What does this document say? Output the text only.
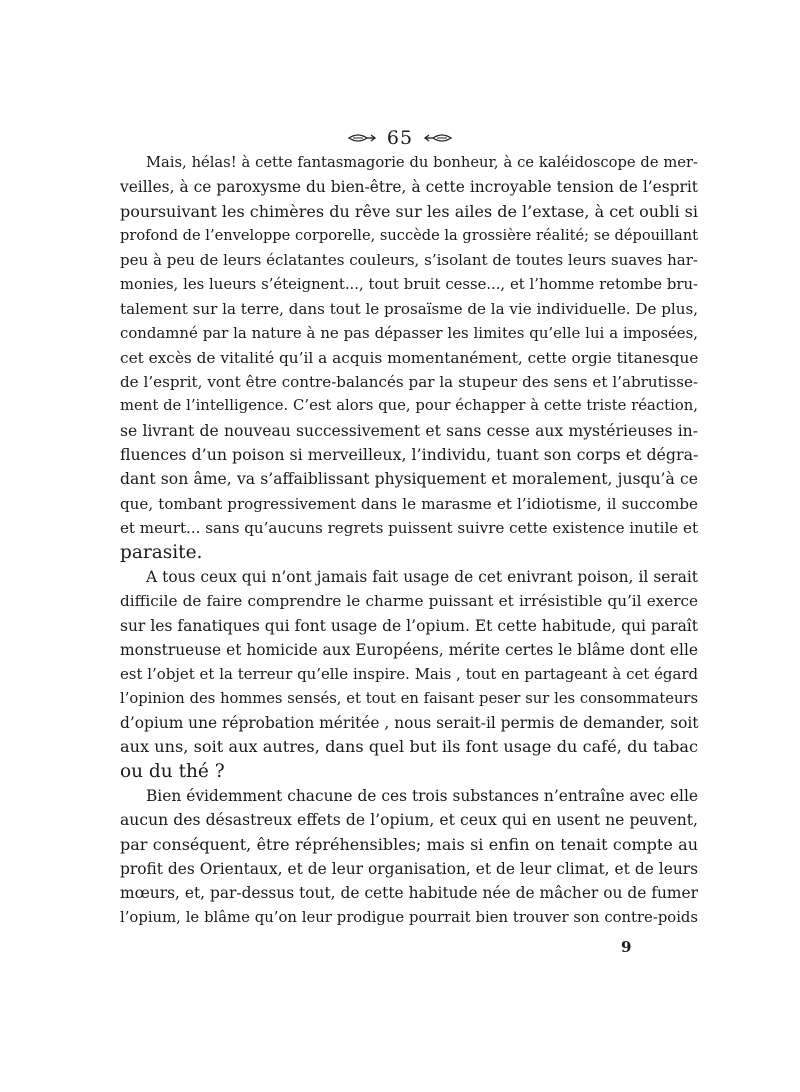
65
Mais, hélas! à cette fantasmagorie du bonheur, à ce kaléidoscope de mer-
veilles, à ce paroxysme du bien-être, à cette incroyable tension de l’esprit
poursuivant les chimères du rêve sur les ailes de l’extase, à cet oubli si
profond de l’enveloppe corporelle, succède la grossière réalité; se dépouillant
peu à peu de leurs éclatantes couleurs, s’isolant de toutes leurs suaves har-
monies, les lueurs s’éteignent..., tout bruit cesse..., et l’homme retombe bru-
talement sur la terre, dans tout le prosaïsme de la vie individuelle. De plus,
condamné par la nature à ne pas dépasser les limites qu’elle lui a imposées,
cet excès de vitalité qu’il a acquis momentanément, cette orgie titanesque
de l’esprit, vont être contre-balancés par la stupeur des sens et l’abrutisse-
ment de l’intelligence. C’est alors que, pour échapper à cette triste réaction,
se livrant de nouveau successivement et sans cesse aux mystérieuses in-
fluences d’un poison si merveilleux, l’individu, tuant son corps et dégra-
dant son âme, va s’affaiblissant physiquement et moralement, jusqu’à ce
que, tombant progressivement dans le marasme et l’idiotisme, il succombe
et meurt... sans qu’aucuns regrets puissent suivre cette existence inutile et
parasite.
A tous ceux qui n’ont jamais fait usage de cet enivrant poison, il serait
difficile de faire comprendre le charme puissant et irrésistible qu’il exerce
sur les fanatiques qui font usage de l’opium. Et cette habitude, qui paraît
monstrueuse et homicide aux Européens, mérite certes le blâme dont elle
est l’objet et la terreur qu’elle inspire. Mais , tout en partageant à cet égard
l’opinion des hommes sensés, et tout en faisant peser sur les consommateurs
d’opium une réprobation méritée , nous serait-il permis de demander, soit
aux uns, soit aux autres, dans quel but ils font usage du café, du tabac
ou du thé ?
Bien évidemment chacune de ces trois substances n’entraîne avec elle
aucun des désastreux effets de l’opium, et ceux qui en usent ne peuvent,
par conséquent, être répréhensibles; mais si enfin on tenait compte au
profit des Orientaux, et de leur organisation, et de leur climat, et de leurs
mœurs, et, par-dessus tout, de cette habitude née de mâcher ou de fumer
l’opium, le blâme qu’on leur prodigue pourrait bien trouver son contre-poids
9
